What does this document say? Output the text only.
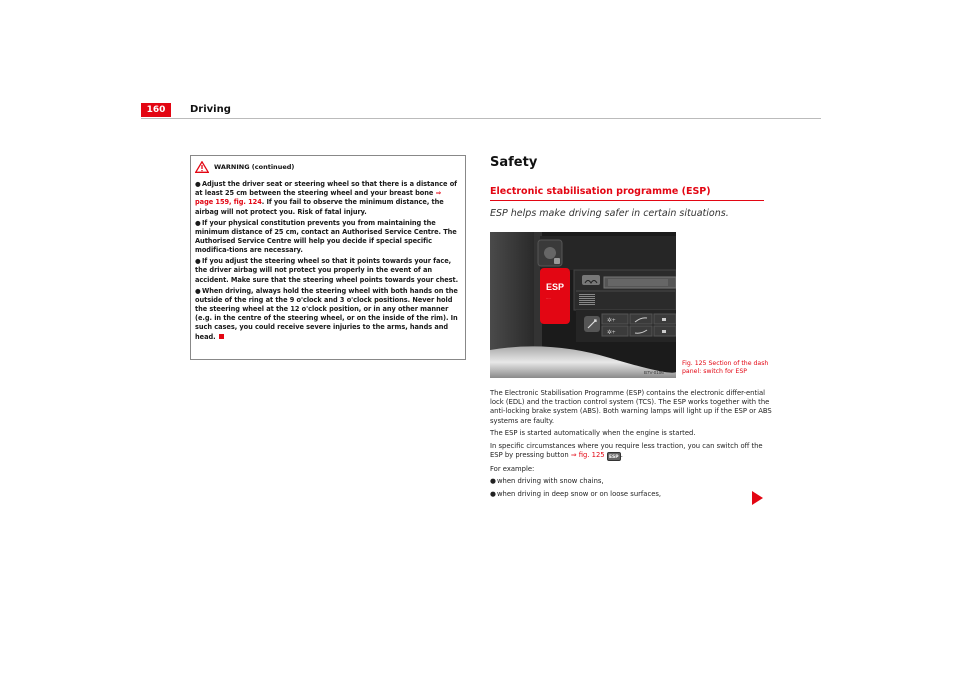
160	Driving
WARNING (continued)
●Adjust the driver seat or steering wheel so that there is a distance of at least 25 cm between the steering wheel and your breast bone ⇒ page 159, fig. 124. If you fail to observe the minimum distance, the airbag will not protect you. Risk of fatal injury.
●If your physical constitution prevents you from maintaining the minimum distance of 25 cm, contact an Authorised Service Centre. The Authorised Service Centre will help you decide if special specific modifica-tions are necessary.
●If you adjust the steering wheel so that it points towards your face, the driver airbag will not protect you properly in the event of an accident. Make sure that the steering wheel points towards your chest.
●When driving, always hold the steering wheel with both hands on the outside of the ring at the 9 o'clock and 3 o'clock positions. Never hold the steering wheel at the 12 o'clock position, or in any other manner (e.g. in the centre of the steering wheel, or on the inside of the rim). In such cases, you could receive severe injuries to the arms, hands and head.
Safety
Electronic stabilisation programme (ESP)
ESP helps make driving safer in certain situations.
ESP
····
✲+
✲+
B7V-0106
Fig. 125 Section of the dash panel: switch for ESP

The Electronic Stabilisation Programme (ESP) contains the electronic differ-ential lock (EDL) and the traction control system (TCS). The ESP works together with the anti-locking brake system (ABS). Both warning lamps will light up if the ESP or ABS systems are faulty.

The ESP is started automatically when the engine is started.

In specific circumstances where you require less traction, you can switch off the ESP by pressing button ⇒ fig. 125 ESP .

For example:

●when driving with snow chains,

●when driving in deep snow or on loose surfaces,
